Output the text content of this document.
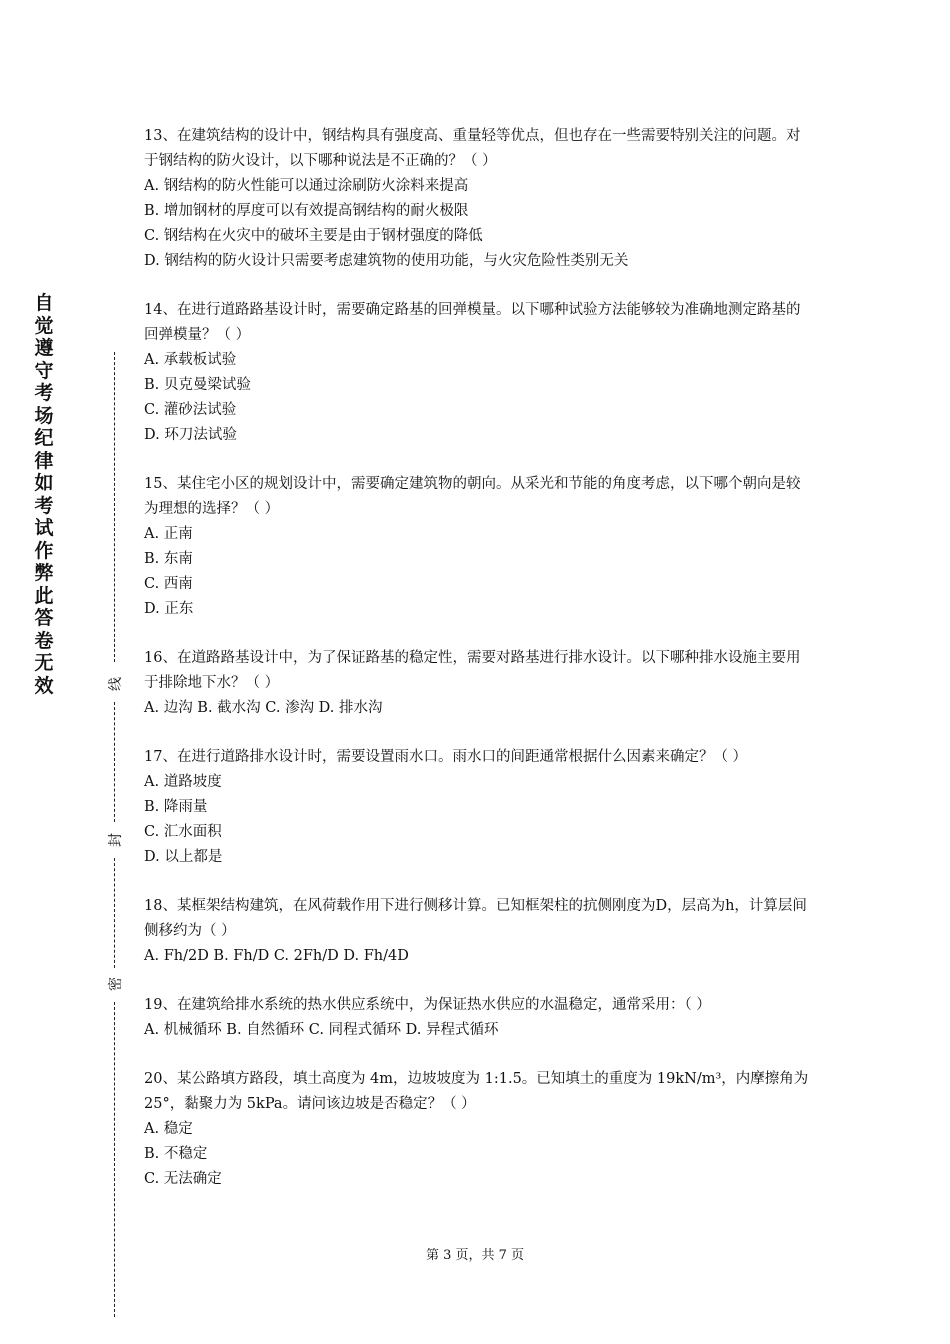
自觉遵守考场纪律如考试作弊此答卷无效	线
封
密

13、在建筑结构的设计中，钢结构具有强度高、重量轻等优点，但也存在一些需要特别关注的问题。对于钢结构的防火设计，以下哪种说法是不正确的？（ ）

A. 钢结构的防火性能可以通过涂刷防火涂料来提高

B. 增加钢材的厚度可以有效提高钢结构的耐火极限

C. 钢结构在火灾中的破坏主要是由于钢材强度的降低

D. 钢结构的防火设计只需要考虑建筑物的使用功能，与火灾危险性类别无关

14、在进行道路路基设计时，需要确定路基的回弹模量。以下哪种试验方法能够较为准确地测定路基的回弹模量？（ ）

A. 承载板试验

B. 贝克曼梁试验

C. 灌砂法试验

D. 环刀法试验

15、某住宅小区的规划设计中，需要确定建筑物的朝向。从采光和节能的角度考虑，以下哪个朝向是较为理想的选择？（ ）

A. 正南

B. 东南

C. 西南

D. 正东

16、在道路路基设计中，为了保证路基的稳定性，需要对路基进行排水设计。以下哪种排水设施主要用于排除地下水？（ ）

A. 边沟 B. 截水沟 C. 渗沟 D. 排水沟

17、在进行道路排水设计时，需要设置雨水口。雨水口的间距通常根据什么因素来确定？（ ）

A. 道路坡度

B. 降雨量

C. 汇水面积

D. 以上都是

18、某框架结构建筑，在风荷载作用下进行侧移计算。已知框架柱的抗侧刚度为D，层高为h，计算层间侧移约为（ ）

A. Fh/2D B. Fh/D C. 2Fh/D D. Fh/4D

19、在建筑给排水系统的热水供应系统中，为保证热水供应的水温稳定，通常采用：（ ）

A. 机械循环 B. 自然循环 C. 同程式循环 D. 异程式循环

20、某公路填方路段，填土高度为 4m，边坡坡度为 1:1.5。已知填土的重度为 19kN/m³，内摩擦角为 25°，黏聚力为 5kPa。请问该边坡是否稳定？（ ）

A. 稳定

B. 不稳定

C. 无法确定

第 3 页，共 7 页
